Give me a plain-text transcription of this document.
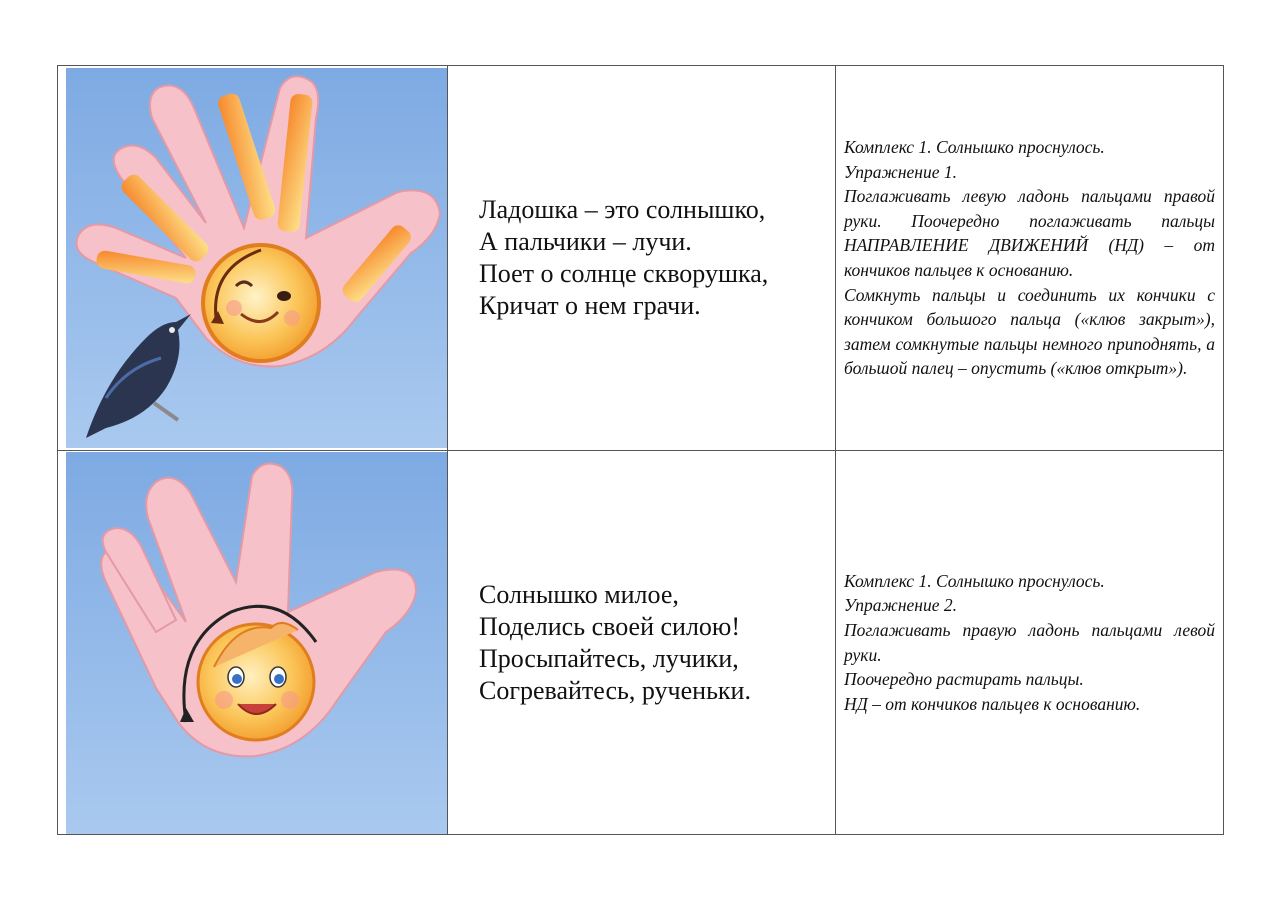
Ладошка – это солнышко,
А пальчики – лучи.
Поет о солнце скворушка,
Кричат о нем грачи.
Комплекс 1. Солнышко проснулось.
Упражнение 1.
Поглаживать левую ладонь пальцами правой руки. Поочередно поглаживать пальцы НАПРАВЛЕНИЕ ДВИЖЕНИЙ (НД) – от кончиков пальцев к основанию.
Сомкнуть пальцы и соединить их кончики с кончиком большого пальца («клюв закрыт»), затем сомкнутые пальцы немного приподнять, а большой палец – опустить («клюв открыт»).
Солнышко милое,
Поделись своей силою!
Просыпайтесь, лучики,
Согревайтесь, рученьки.
Комплекс 1. Солнышко проснулось.
Упражнение 2.
Поглаживать правую ладонь пальцами левой руки.
Поочередно растирать пальцы.
НД – от кончиков пальцев к основанию.
